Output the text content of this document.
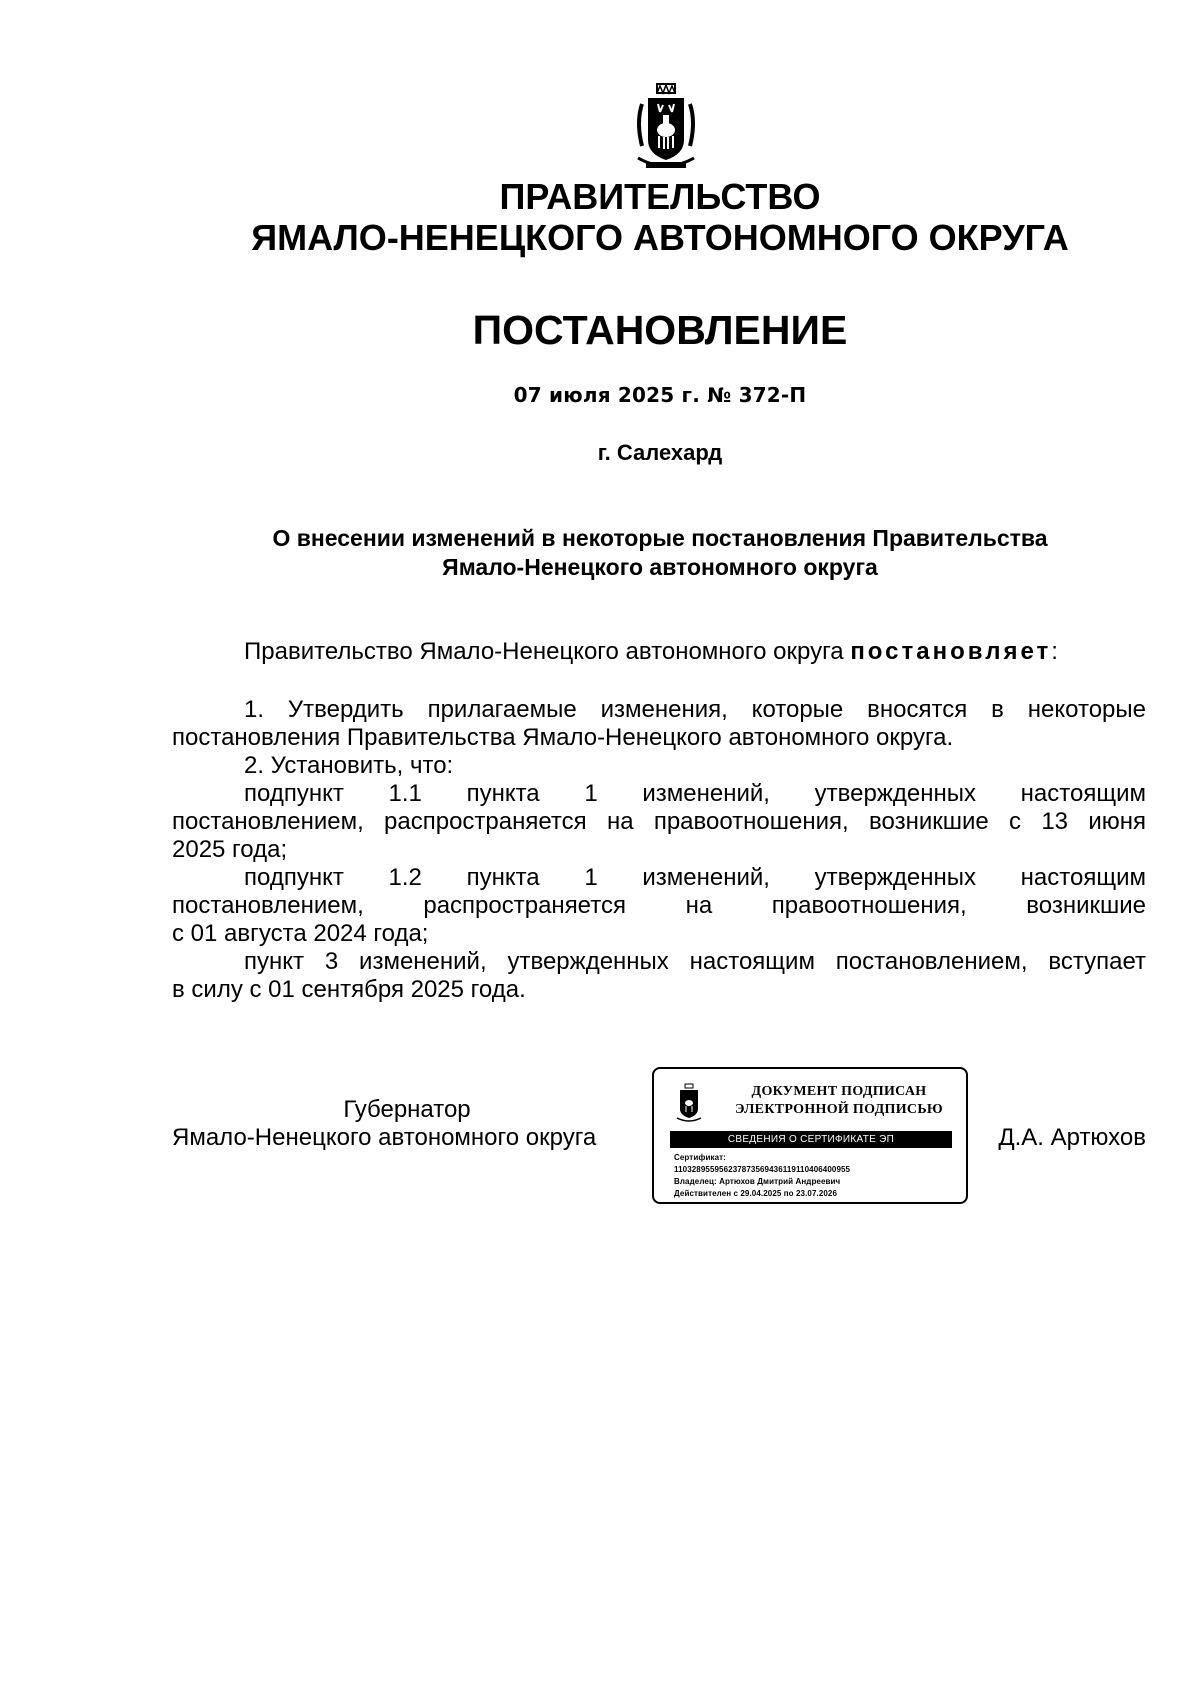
ПРАВИТЕЛЬСТВО
ЯМАЛО-НЕНЕЦКОГО АВТОНОМНОГО ОКРУГА
ПОСТАНОВЛЕНИЕ
07 июля 2025 г. № 372-П
г. Салехард
О внесении изменений в некоторые постановления Правительства
Ямало-Ненецкого автономного округа

Правительство Ямало-Ненецкого автономного округа постановляет:

1. Утвердить прилагаемые изменения, которые вносятся в некоторые

постановления Правительства Ямало-Ненецкого автономного округа.

2. Установить, что:

подпункт 1.1 пункта 1 изменений, утвержденных настоящим

постановлением, распространяется на правоотношения, возникшие с 13 июня

2025 года;

подпункт 1.2 пункта 1 изменений, утвержденных настоящим

постановлением, распространяется на правоотношения, возникшие

с 01 августа 2024 года;

пункт 3 изменений, утвержденных настоящим постановлением, вступает

в силу с 01 сентября 2025 года.

Губернатор
Ямало-Ненецкого автономного округа
ДОКУМЕНТ ПОДПИСАН
ЭЛЕКТРОННОЙ ПОДПИСЬЮ
СВЕДЕНИЯ О СЕРТИФИКАТЕ ЭП
Сертификат:
110328955956237873569436119110406400955
Владелец: Артюхов Дмитрий Андреевич
Действителен с 29.04.2025 по 23.07.2026
Д.А. Артюхов
